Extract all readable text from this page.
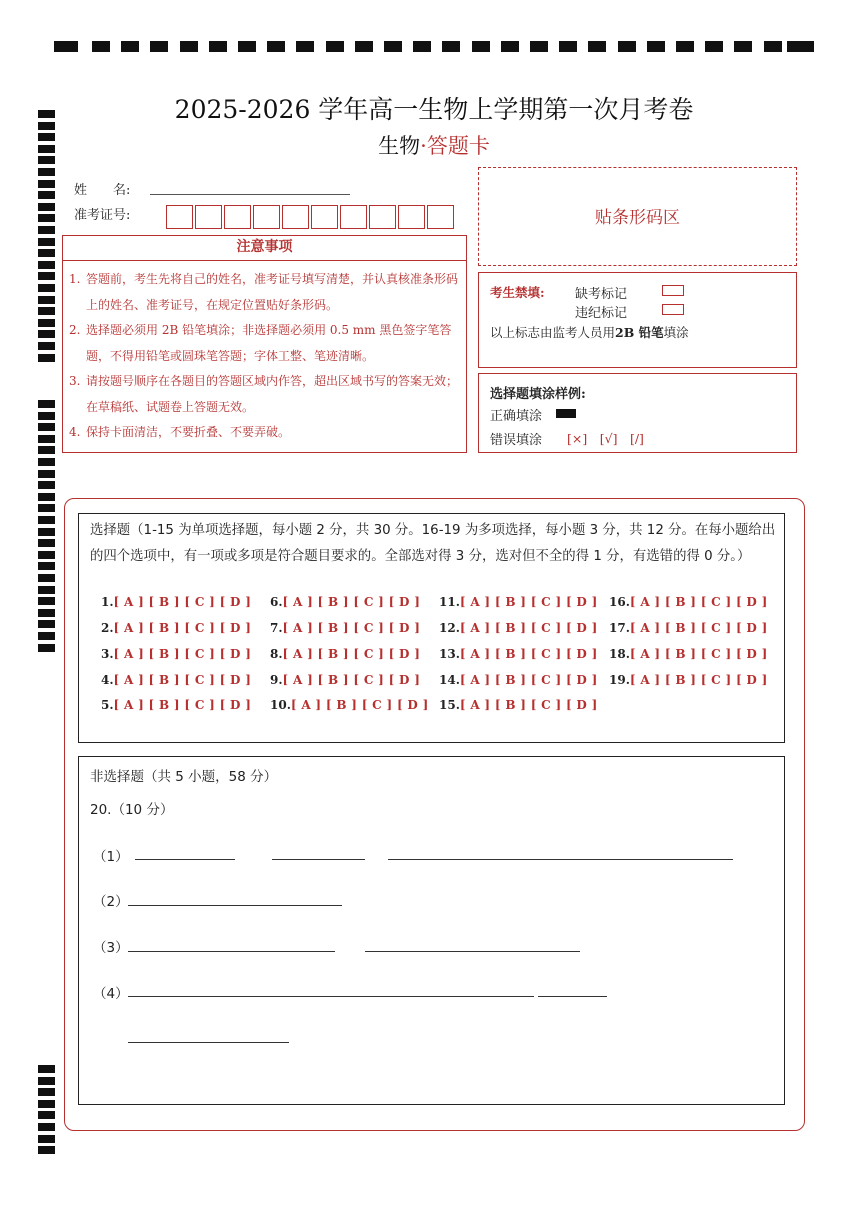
2025-2026 学年高一生物上学期第一次月考卷
生物·答题卡
姓　　名:
准考证号:	贴条形码区
注意事项
1. 答题前，考生先将自己的姓名，准考证号填写清楚，并认真核准条形码上的姓名、准考证号，在规定位置贴好条形码。
2. 选择题必须用 2B 铅笔填涂；非选择题必须用 0.5 mm 黑色签字笔答题，不得用铅笔或圆珠笔答题；字体工整、笔迹清晰。
3. 请按题号顺序在各题目的答题区域内作答，超出区域书写的答案无效；在草稿纸、试题卷上答题无效。
4. 保持卡面清洁，不要折叠、不要弄破。
考生禁填: 缺考标记
违纪标记
以上标志由监考人员用2B 铅笔填涂
选择题填涂样例:
正确填涂
错误填涂 [×]　[√]　[/]
选择题（1-15 为单项选择题，每小题 2 分，共 30 分。16-19 为多项选择，每小题 3 分，共 12 分。在每小题给出的四个选项中，有一项或多项是符合题目要求的。全部选对得 3 分，选对但不全的得 1 分，有选错的得 0 分。）
1.[ A ] [ B ] [ C ] [ D ]
2.[ A ] [ B ] [ C ] [ D ]
3.[ A ] [ B ] [ C ] [ D ]
4.[ A ] [ B ] [ C ] [ D ]
5.[ A ] [ B ] [ C ] [ D ]
6.[ A ] [ B ] [ C ] [ D ]
7.[ A ] [ B ] [ C ] [ D ]
8.[ A ] [ B ] [ C ] [ D ]
9.[ A ] [ B ] [ C ] [ D ]
10.[ A ] [ B ] [ C ] [ D ]
11.[ A ] [ B ] [ C ] [ D ]
12.[ A ] [ B ] [ C ] [ D ]
13.[ A ] [ B ] [ C ] [ D ]
14.[ A ] [ B ] [ C ] [ D ]
15.[ A ] [ B ] [ C ] [ D ]
16.[ A ] [ B ] [ C ] [ D ]
17.[ A ] [ B ] [ C ] [ D ]
18.[ A ] [ B ] [ C ] [ D ]
19.[ A ] [ B ] [ C ] [ D ]
非选择题（共 5 小题，58 分）
20.（10 分）
（1）
（2）
（3）
（4）
